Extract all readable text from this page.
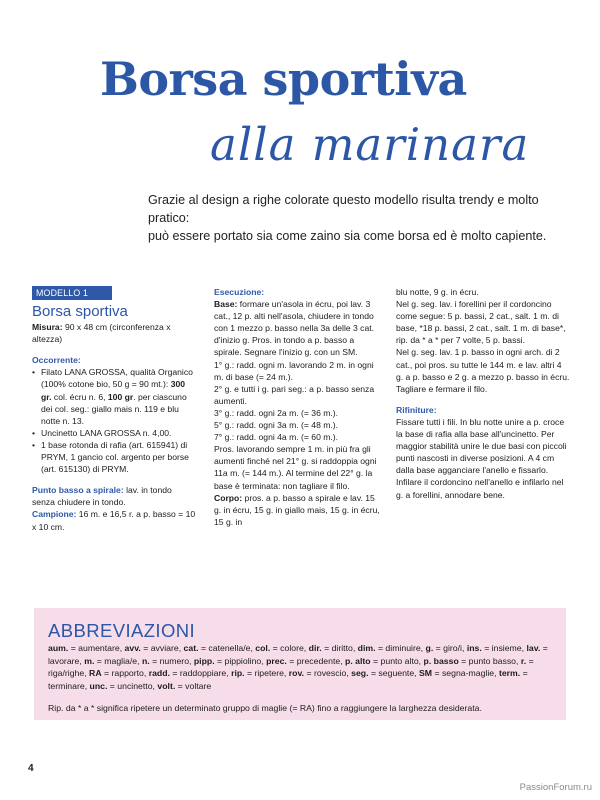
Borsa sportiva
alla marinara
Grazie al design a righe colorate questo modello risulta trendy e molto pratico:
può essere portato sia come zaino sia come borsa ed è molto capiente.
MODELLO 1

Borsa sportiva

Misura: 90 x 48 cm (circonferenza x altezza)

Occorrente:

• Filato LANA GROSSA, qualità Organico (100% cotone bio, 50 g = 90 mt.): 300 gr. col. écru n. 6, 100 gr. per ciascuno dei col. seg.: giallo mais n. 119 e blu notte n. 13.
• Uncinetto LANA GROSSA n. 4,00.
• 1 base rotonda di rafia (art. 615941) di PRYM, 1 gancio col. argento per borse (art. 615130) di PRYM.

Punto basso a spirale: lav. in tondo senza chiudere in tondo.

Campione: 16 m. e 16,5 r. a p. basso = 10 x 10 cm.

Esecuzione:

Base: formare un'asola in écru, poi lav. 3 cat., 12 p. alti nell'asola, chiudere in tondo con 1 mezzo p. basso nella 3a delle 3 cat. d'inizio g. Pros. in tondo a p. basso a spirale. Segnare l'inizio g. con un SM.

1° g.: radd. ogni m. lavorando 2 m. in ogni m. di base (= 24 m.).

2° g. e tutti i g. pari seg.: a p. basso senza aumenti.

3° g.: radd. ogni 2a m. (= 36 m.).

5° g.: radd. ogni 3a m. (= 48 m.).

7° g.: radd. ogni 4a m. (= 60 m.).

Pros. lavorando sempre 1 m. in più fra gli aumenti finché nel 21° g. si raddoppia ogni 11a m. (= 144 m.). Al termine del 22° g. la base è terminata: non tagliare il filo.

Corpo: pros. a p. basso a spirale e lav. 15 g. in écru, 15 g. in giallo mais, 15 g. in écru, 15 g. in

blu notte, 9 g. in écru.

Nel g. seg. lav. i forellini per il cordoncino come segue: 5 p. bassi, 2 cat., salt. 1 m. di base, *18 p. bassi, 2 cat., salt. 1 m. di base*, rip. da * a * per 7 volte, 5 p. bassi.

Nel g. seg. lav. 1 p. basso in ogni arch. di 2 cat., poi pros. su tutte le 144 m. e lav. altri 4 g. a p. basso e 2 g. a mezzo p. basso in écru. Tagliare e fermare il filo.

Rifiniture:

Fissare tutti i fili. In blu notte unire a p. croce la base di rafia alla base all'uncinetto. Per maggior stabilità unire le due basi con piccoli punti nascosti in diverse posizioni. A 4 cm dalla base agganciare l'anello e fissarlo. Infilare il cordoncino nell'anello e infilarlo nel g. a forellini, annodare bene.

ABBREVIAZIONI
aum. = aumentare, avv. = avviare, cat. = catenella/e, col. = colore, dir. = diritto, dim. = diminuire, g. = giro/i, ins. = insieme, lav. = lavorare, m. = maglia/e, n. = numero, pipp. = pippiolino, prec. = precedente, p. alto = punto alto, p. basso = punto basso, r. = riga/righe, RA = rapporto, radd. = raddoppiare, rip. = ripetere, rov. = rovescio, seg. = seguente, SM = segna-maglie, term. = terminare, unc. = uncinetto, volt. = voltare
Rip. da * a * significa ripetere un determinato gruppo di maglie (= RA) fino a raggiungere la larghezza desiderata.
4
PassionForum.ru
